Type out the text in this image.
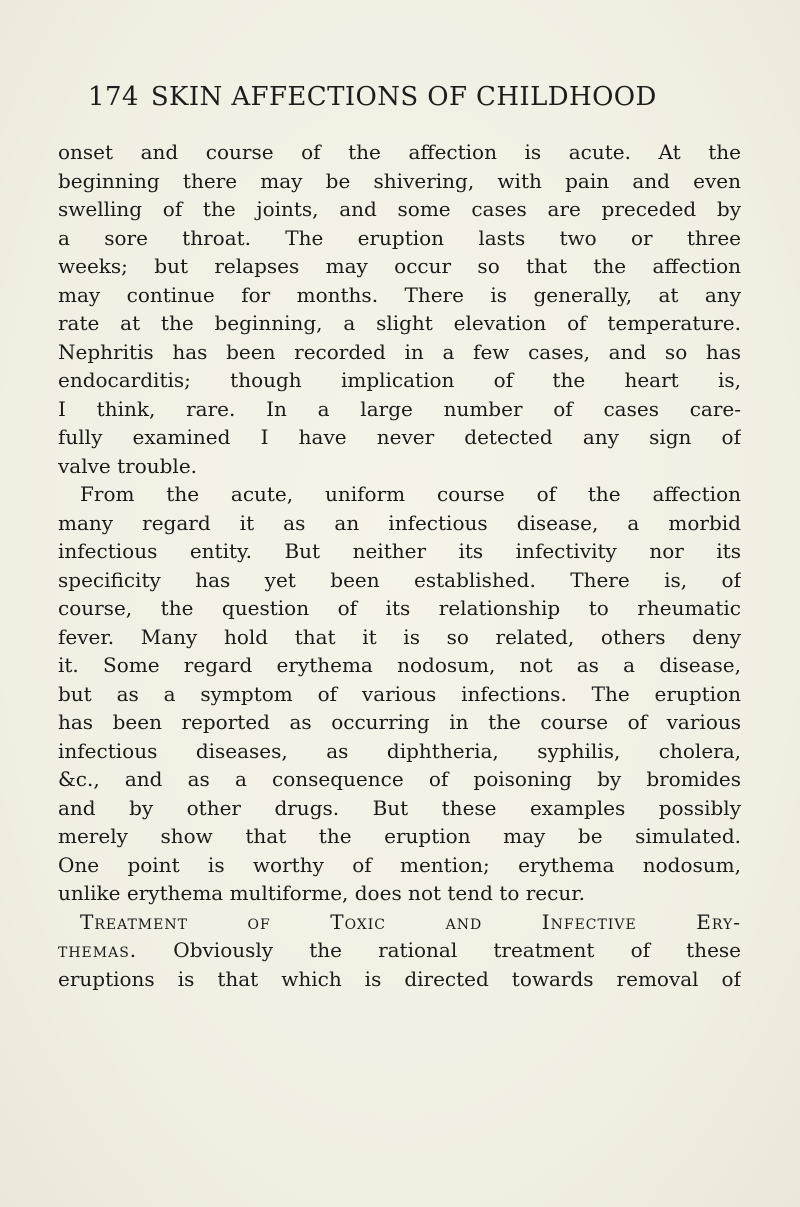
174 SKIN AFFECTIONS OF CHILDHOOD
onset and course of the affection is acute. At the
beginning there may be shivering, with pain and even
swelling of the joints, and some cases are preceded by
a sore throat. The eruption lasts two or three
weeks; but relapses may occur so that the affection
may continue for months. There is generally, at any
rate at the beginning, a slight elevation of temperature.
Nephritis has been recorded in a few cases, and so has
endocarditis; though implication of the heart is,
I think, rare. In a large number of cases care-
fully examined I have never detected any sign of
valve trouble.
From the acute, uniform course of the affection
many regard it as an infectious disease, a morbid
infectious entity. But neither its infectivity nor its
specificity has yet been established. There is, of
course, the question of its relationship to rheumatic
fever. Many hold that it is so related, others deny
it. Some regard erythema nodosum, not as a disease,
but as a symptom of various infections. The eruption
has been reported as occurring in the course of various
infectious diseases, as diphtheria, syphilis, cholera,
&c., and as a consequence of poisoning by bromides
and by other drugs. But these examples possibly
merely show that the eruption may be simulated.
One point is worthy of mention; erythema nodosum,
unlike erythema multiforme, does not tend to recur.
Treatment of Toxic and Infective Ery-
themas. Obviously the rational treatment of these
eruptions is that which is directed towards removal of
